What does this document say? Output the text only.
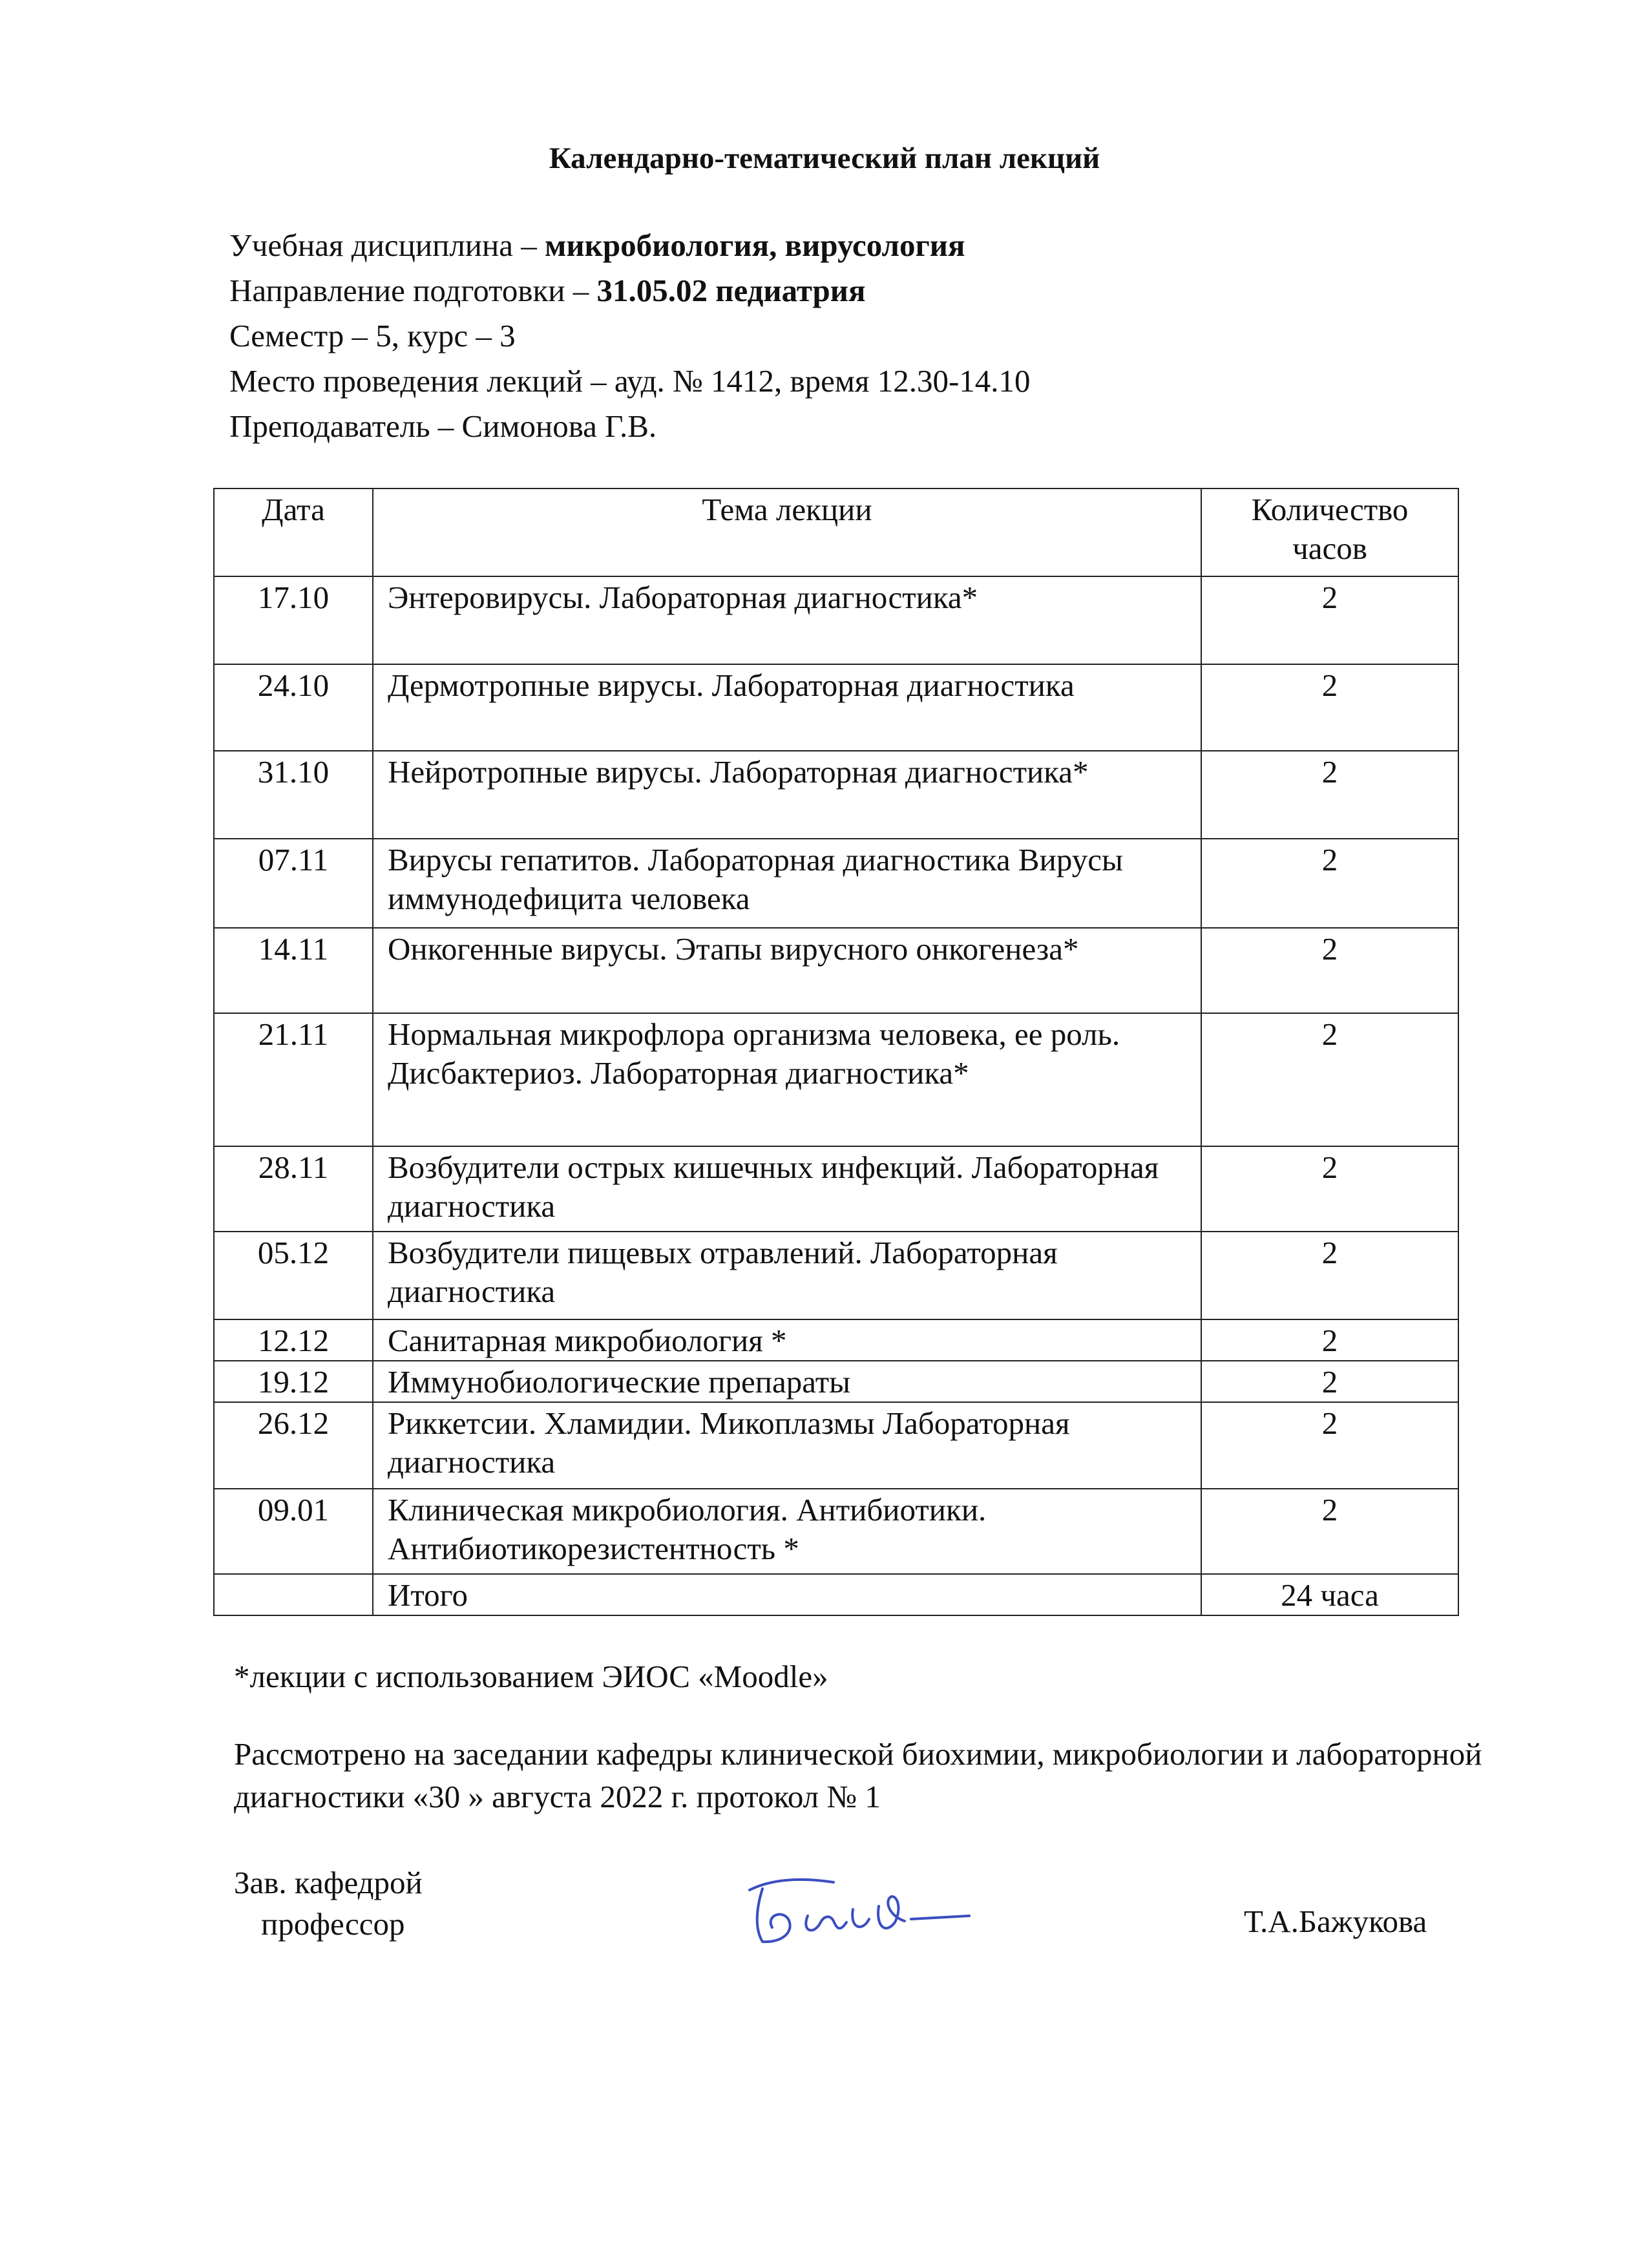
Календарно-тематический план лекций
Учебная дисциплина – микробиология, вирусология
Направление подготовки – 31.05.02 педиатрия
Семестр – 5, курс – 3
Место проведения лекций – ауд. № 1412, время 12.30-14.10
Преподаватель – Симонова Г.В.
Дата	Тема лекции	Количество часов
17.10	Энтеровирусы. Лабораторная диагностика*	2
24.10	Дермотропные вирусы. Лабораторная диагностика	2
31.10	Нейротропные вирусы. Лабораторная диагностика*	2
07.11	Вирусы гепатитов. Лабораторная диагностика Вирусы иммунодефицита человека	2
14.11	Онкогенные вирусы. Этапы вирусного онкогенеза*	2
21.11	Нормальная микрофлора организма человека, ее роль. Дисбактериоз. Лабораторная диагностика*	2
28.11	Возбудители острых кишечных инфекций. Лабораторная диагностика	2
05.12	Возбудители пищевых отравлений. Лабораторная диагностика	2
12.12	Санитарная микробиология *	2
19.12	Иммунобиологические препараты	2
26.12	Риккетсии. Хламидии. Микоплазмы Лабораторная диагностика	2
09.01	Клиническая микробиология. Антибиотики. Антибиотикорезистентность *	2
	Итого	24 часа
*лекции с использованием ЭИОС «Moodle»
Рассмотрено на заседании кафедры клинической биохимии, микробиологии и лабораторной диагностики «30 » августа 2022 г. протокол № 1
Зав. кафедрой
профессор	Т.А.Бажукова
